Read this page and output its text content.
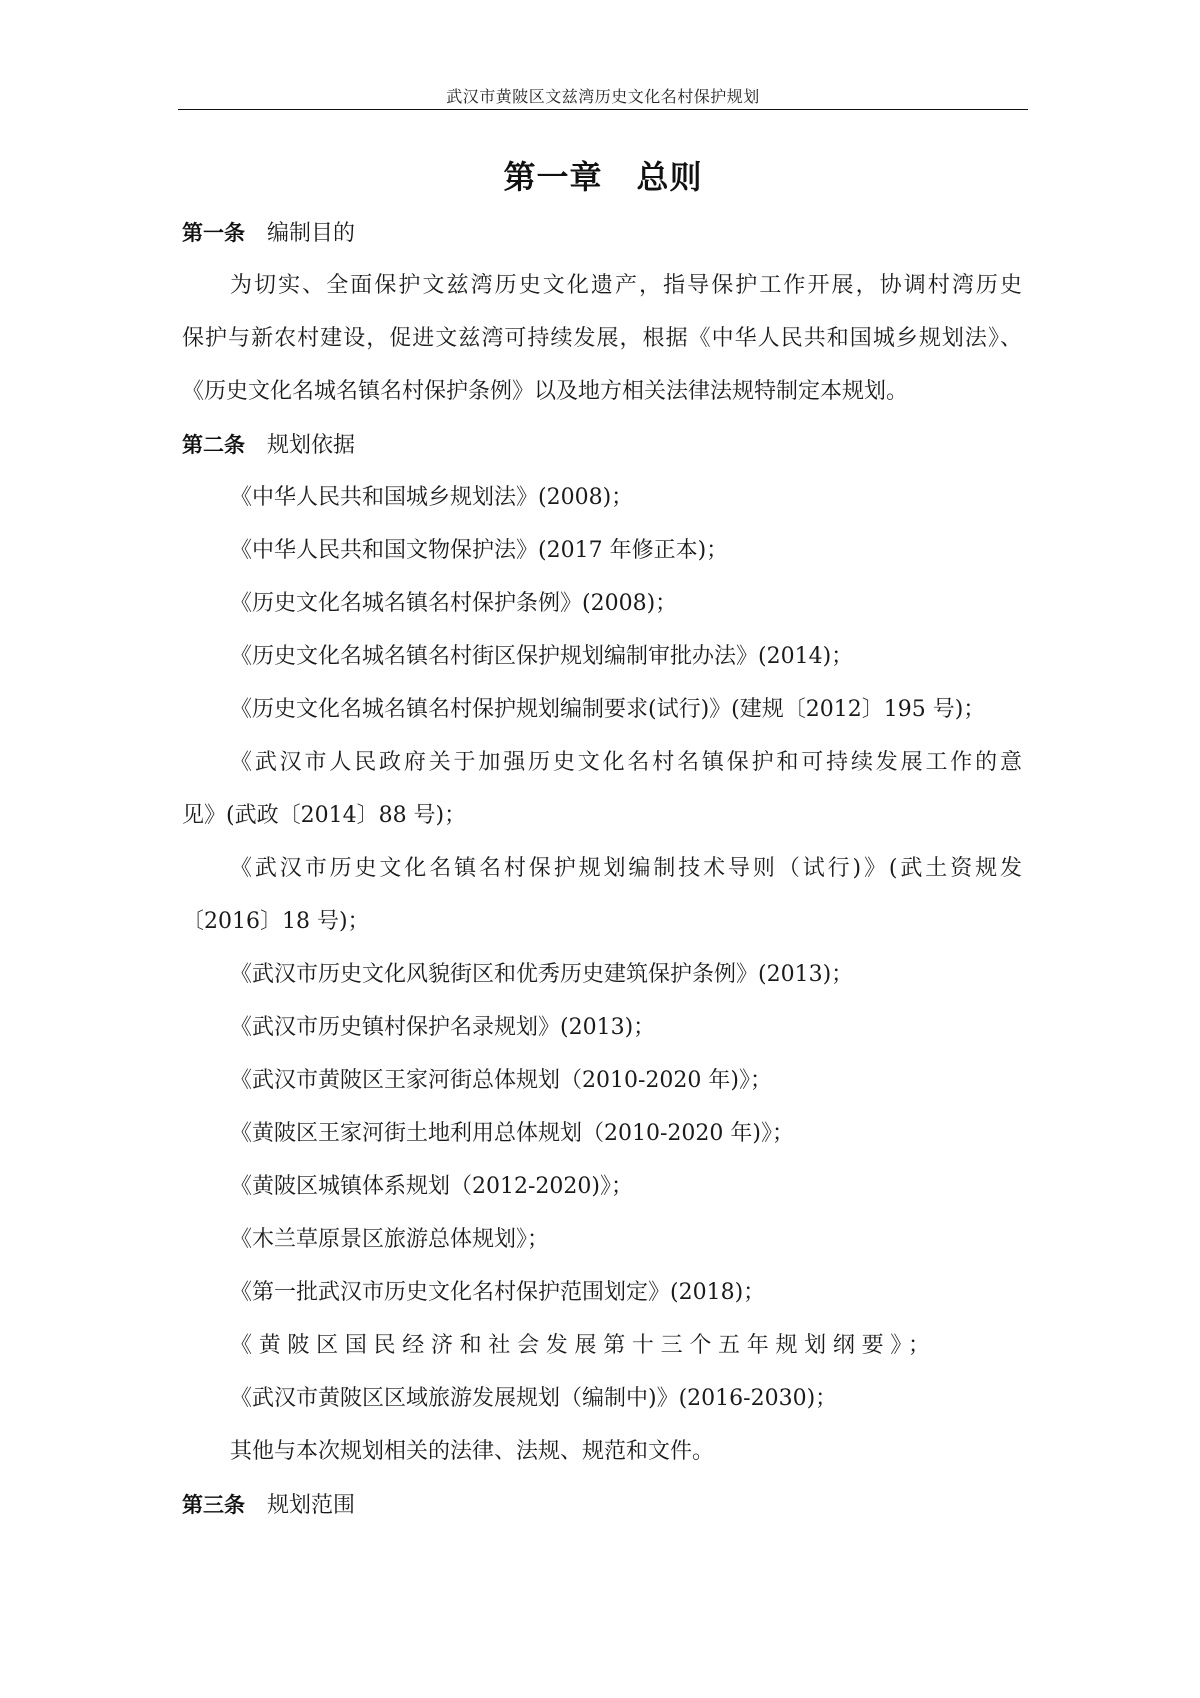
武汉市黄陂区文兹湾历史文化名村保护规划
第一章 总则
第一条 编制目的
为切实、全面保护文兹湾历史文化遗产，指导保护工作开展，协调村湾历史
保护与新农村建设，促进文兹湾可持续发展，根据《中华人民共和国城乡规划法》、
《历史文化名城名镇名村保护条例》以及地方相关法律法规特制定本规划。
第二条 规划依据
《中华人民共和国城乡规划法》(2008)；
《中华人民共和国文物保护法》(2017 年修正本)；
《历史文化名城名镇名村保护条例》(2008)；
《历史文化名城名镇名村街区保护规划编制审批办法》(2014)；
《历史文化名城名镇名村保护规划编制要求(试行)》(建规〔2012〕195 号)；
《武汉市人民政府关于加强历史文化名村名镇保护和可持续发展工作的意
见》(武政〔2014〕88 号)；
《武汉市历史文化名镇名村保护规划编制技术导则（试行)》(武土资规发
〔2016〕18 号)；
《武汉市历史文化风貌街区和优秀历史建筑保护条例》(2013)；
《武汉市历史镇村保护名录规划》(2013)；
《武汉市黄陂区王家河街总体规划（2010-2020 年)》；
《黄陂区王家河街土地利用总体规划（2010-2020 年)》；
《黄陂区城镇体系规划（2012-2020)》；
《木兰草原景区旅游总体规划》；
《第一批武汉市历史文化名村保护范围划定》(2018)；
《黄陂区国民经济和社会发展第十三个五年规划纲要》；
《武汉市黄陂区区域旅游发展规划（编制中)》(2016-2030)；
其他与本次规划相关的法律、法规、规范和文件。
第三条 规划范围
